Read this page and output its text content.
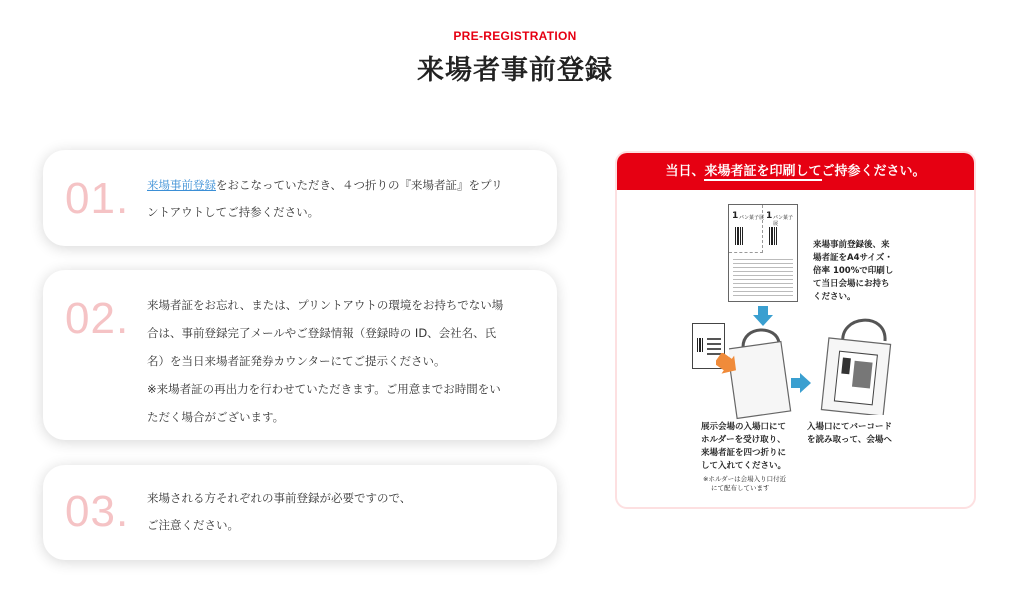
PRE-REGISTRATION
来場者事前登録
01. 来場事前登録をおこなっていただき、４つ折りの『来場者証』をプリ
ントアウトしてご持参ください。
02. 来場者証をお忘れ、または、プリントアウトの環境をお持ちでない場
合は、事前登録完了メールやご登録情報（登録時の ID、会社名、氏
名）を当日来場者証発券カウンターにてご提示ください。
※来場者証の再出力を行わせていただきます。ご用意までお時間をい
ただく場合がございます。
03. 来場される方それぞれの事前登録が必要ですので、
ご注意ください。
当日、来場者証を印刷してご持参ください。
1 パン菓子展 1 パン菓子展
来場事前登録後、来
場者証をA4サイズ・
倍率 100%で印刷し
て当日会場にお持ち
ください。
展示会場の入場口にて
ホルダーを受け取り、
来場者証を四つ折りに
して入れてください。
※ホルダーは会場入り口付近
にて配布しています
入場口にてバーコード
を読み取って、会場へ
